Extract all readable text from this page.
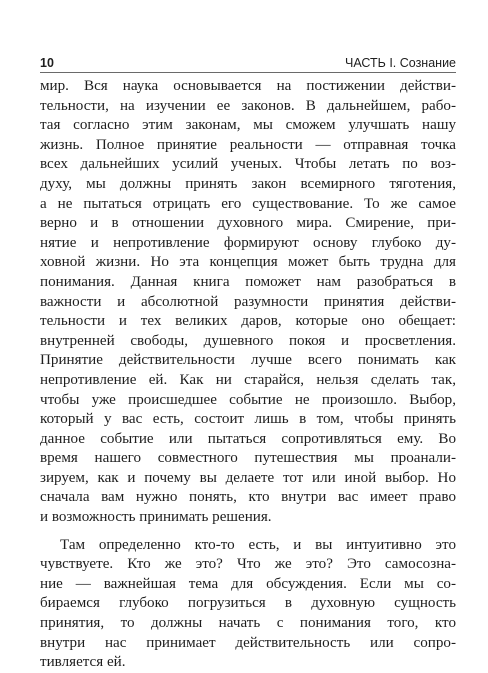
10	ЧАСТЬ I. Сознание
мир. Вся наука основывается на постижении действи-
тельности, на изучении ее законов. В дальнейшем, рабо-
тая согласно этим законам, мы сможем улучшать нашу
жизнь. Полное принятие реальности — отправная точка
всех дальнейших усилий ученых. Чтобы летать по воз-
духу, мы должны принять закон всемирного тяготения,
а не пытаться отрицать его существование. То же самое
верно и в отношении духовного мира. Смирение, при-
нятие и непротивление формируют основу глубоко ду-
ховной жизни. Но эта концепция может быть трудна для
понимания. Данная книга поможет нам разобраться в
важности и абсолютной разумности принятия действи-
тельности и тех великих даров, которые оно обещает:
внутренней свободы, душевного покоя и просветления.
Принятие действительности лучше всего понимать как
непротивление ей. Как ни старайся, нельзя сделать так,
чтобы уже происшедшее событие не произошло. Выбор,
который у вас есть, состоит лишь в том, чтобы принять
данное событие или пытаться сопротивляться ему. Во
время нашего совместного путешествия мы проанали-
зируем, как и почему вы делаете тот или иной выбор. Но
сначала вам нужно понять, кто внутри вас имеет право
и возможность принимать решения.
Там определенно кто-то есть, и вы интуитивно это
чувствуете. Кто же это? Что же это? Это самосозна-
ние — важнейшая тема для обсуждения. Если мы со-
бираемся глубоко погрузиться в духовную сущность
принятия, то должны начать с понимания того, кто
внутри нас принимает действительность или сопро-
тивляется ей.
